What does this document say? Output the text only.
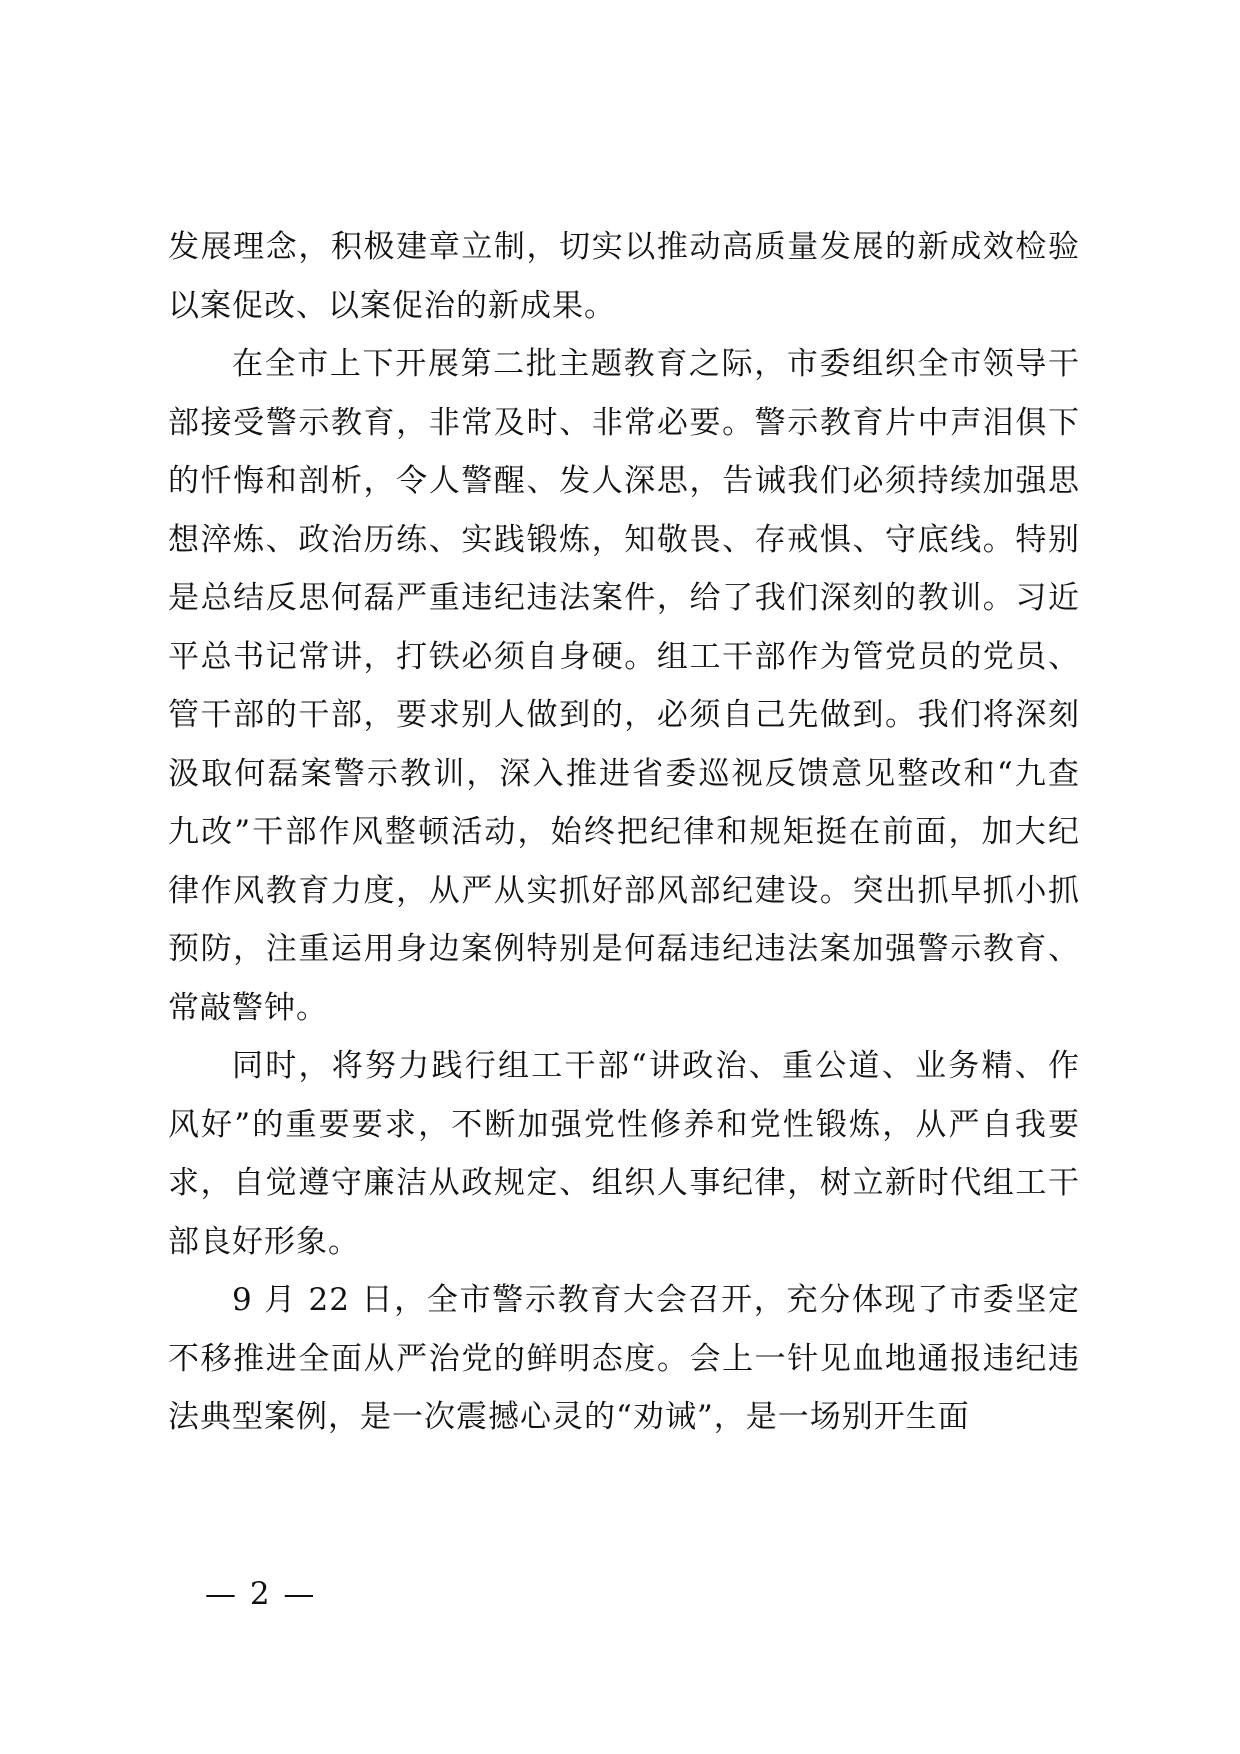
发展理念，积极建章立制，切实以推动高质量发展的新成效检验以案促改、以案促治的新成果。

在全市上下开展第二批主题教育之际，市委组织全市领导干部接受警示教育，非常及时、非常必要。警示教育片中声泪俱下的忏悔和剖析，令人警醒、发人深思，告诫我们必须持续加强思想淬炼、政治历练、实践锻炼，知敬畏、存戒惧、守底线。特别是总结反思何磊严重违纪违法案件，给了我们深刻的教训。习近平总书记常讲，打铁必须自身硬。组工干部作为管党员的党员、管干部的干部，要求别人做到的，必须自己先做到。我们将深刻汲取何磊案警示教训，深入推进省委巡视反馈意见整改和“九查九改”干部作风整顿活动，始终把纪律和规矩挺在前面，加大纪律作风教育力度，从严从实抓好部风部纪建设。突出抓早抓小抓预防，注重运用身边案例特别是何磊违纪违法案加强警示教育、常敲警钟。

同时，将努力践行组工干部“讲政治、重公道、业务精、作风好”的重要要求，不断加强党性修养和党性锻炼，从严自我要求，自觉遵守廉洁从政规定、组织人事纪律，树立新时代组工干部良好形象。

9 月 22 日，全市警示教育大会召开，充分体现了市委坚定不移推进全面从严治党的鲜明态度。会上一针见血地通报违纪违法典型案例，是一次震撼心灵的“劝诫”，是一场别开生面

— 2 —
